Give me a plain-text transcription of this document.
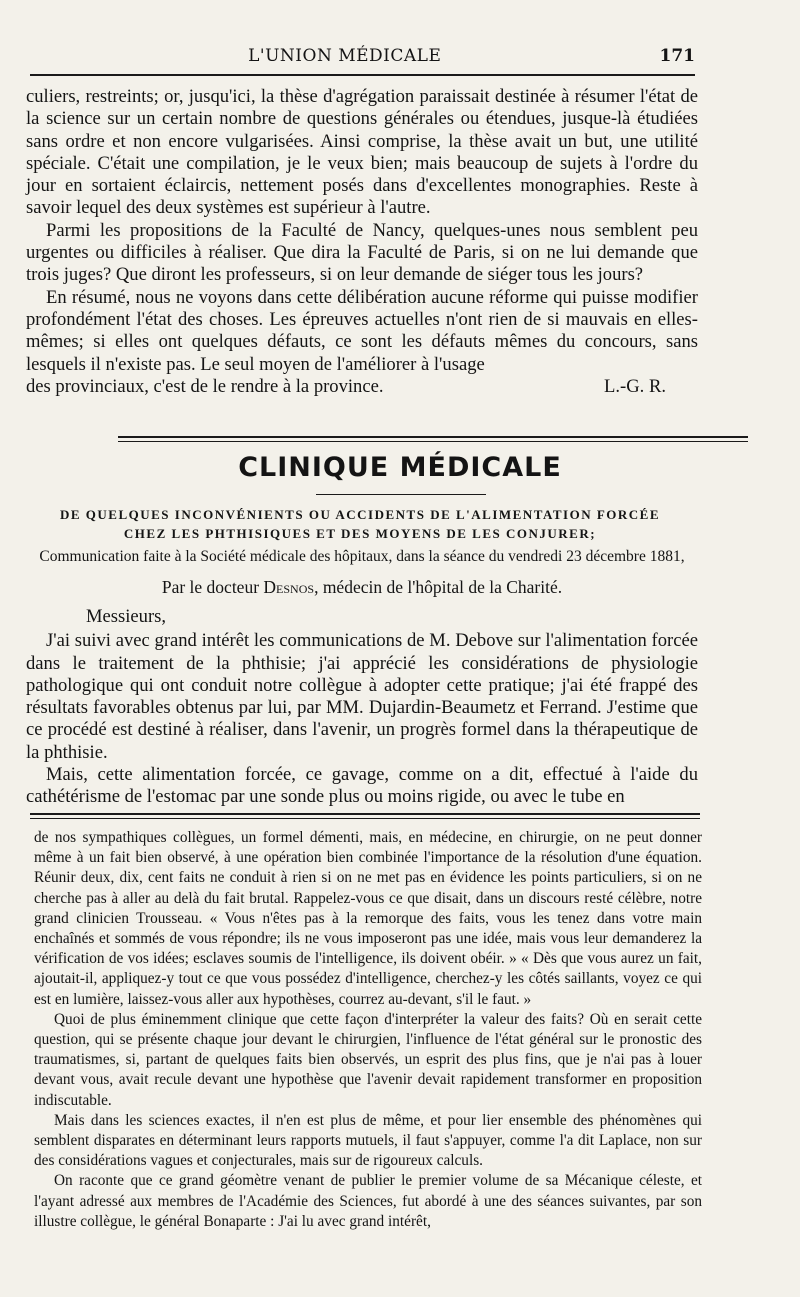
L'UNION MÉDICALE	171

culiers, restreints; or, jusqu'ici, la thèse d'agrégation paraissait destinée à résumer l'état de la science sur un certain nombre de questions générales ou étendues, jusque-là étudiées sans ordre et non encore vulgarisées. Ainsi comprise, la thèse avait un but, une utilité spéciale. C'était une compilation, je le veux bien; mais beaucoup de sujets à l'ordre du jour en sortaient éclaircis, nettement posés dans d'excellentes monographies. Reste à savoir lequel des deux systèmes est supérieur à l'autre.

Parmi les propositions de la Faculté de Nancy, quelques-unes nous semblent peu urgentes ou difficiles à réaliser. Que dira la Faculté de Paris, si on ne lui demande que trois juges? Que diront les professeurs, si on leur demande de siéger tous les jours?

En résumé, nous ne voyons dans cette délibération aucune réforme qui puisse modifier profondément l'état des choses. Les épreuves actuelles n'ont rien de si mauvais en elles-mêmes; si elles ont quelques défauts, ce sont les défauts mêmes du concours, sans lesquels il n'existe pas. Le seul moyen de l'améliorer à l'usage

des provinciaux, c'est de le rendre à la province.	L.-G. R.
CLINIQUE MÉDICALE
DE QUELQUES INCONVÉNIENTS OU ACCIDENTS DE L'ALIMENTATION FORCÉE
CHEZ LES PHTHISIQUES ET DES MOYENS DE LES CONJURER;
Communication faite à la Société médicale des hôpitaux, dans la séance du vendredi 23 décembre 1881,
Par le docteur Desnos, médecin de l'hôpital de la Charité.

Messieurs,

J'ai suivi avec grand intérêt les communications de M. Debove sur l'alimentation forcée dans le traitement de la phthisie; j'ai apprécié les considérations de physiologie pathologique qui ont conduit notre collègue à adopter cette pratique; j'ai été frappé des résultats favorables obtenus par lui, par MM. Dujardin-Beaumetz et Ferrand. J'estime que ce procédé est destiné à réaliser, dans l'avenir, un progrès formel dans la thérapeutique de la phthisie.

Mais, cette alimentation forcée, ce gavage, comme on a dit, effectué à l'aide du cathétérisme de l'estomac par une sonde plus ou moins rigide, ou avec le tube en

de nos sympathiques collègues, un formel démenti, mais, en médecine, en chirurgie, on ne peut donner même à un fait bien observé, à une opération bien combinée l'importance de la résolution d'une équation. Réunir deux, dix, cent faits ne conduit à rien si on ne met pas en évidence les points particuliers, si on ne cherche pas à aller au delà du fait brutal. Rappelez-vous ce que disait, dans un discours resté célèbre, notre grand clinicien Trousseau. « Vous n'êtes pas à la remorque des faits, vous les tenez dans votre main enchaînés et sommés de vous répondre; ils ne vous imposeront pas une idée, mais vous leur demanderez la vérification de vos idées; esclaves soumis de l'intelligence, ils doivent obéir. » « Dès que vous aurez un fait, ajoutait-il, appliquez-y tout ce que vous possédez d'intelligence, cherchez-y les côtés saillants, voyez ce qui est en lumière, laissez-vous aller aux hypothèses, courrez au-devant, s'il le faut. »

Quoi de plus éminemment clinique que cette façon d'interpréter la valeur des faits? Où en serait cette question, qui se présente chaque jour devant le chirurgien, l'influence de l'état général sur le pronostic des traumatismes, si, partant de quelques faits bien observés, un esprit des plus fins, que je n'ai pas à louer devant vous, avait recule devant une hypothèse que l'avenir devait rapidement transformer en proposition indiscutable.

Mais dans les sciences exactes, il n'en est plus de même, et pour lier ensemble des phénomènes qui semblent disparates en déterminant leurs rapports mutuels, il faut s'appuyer, comme l'a dit Laplace, non sur des considérations vagues et conjecturales, mais sur de rigoureux calculs.

On raconte que ce grand géomètre venant de publier le premier volume de sa Mécanique céleste, et l'ayant adressé aux membres de l'Académie des Sciences, fut abordé à une des séances suivantes, par son illustre collègue, le général Bonaparte : J'ai lu avec grand intérêt,
